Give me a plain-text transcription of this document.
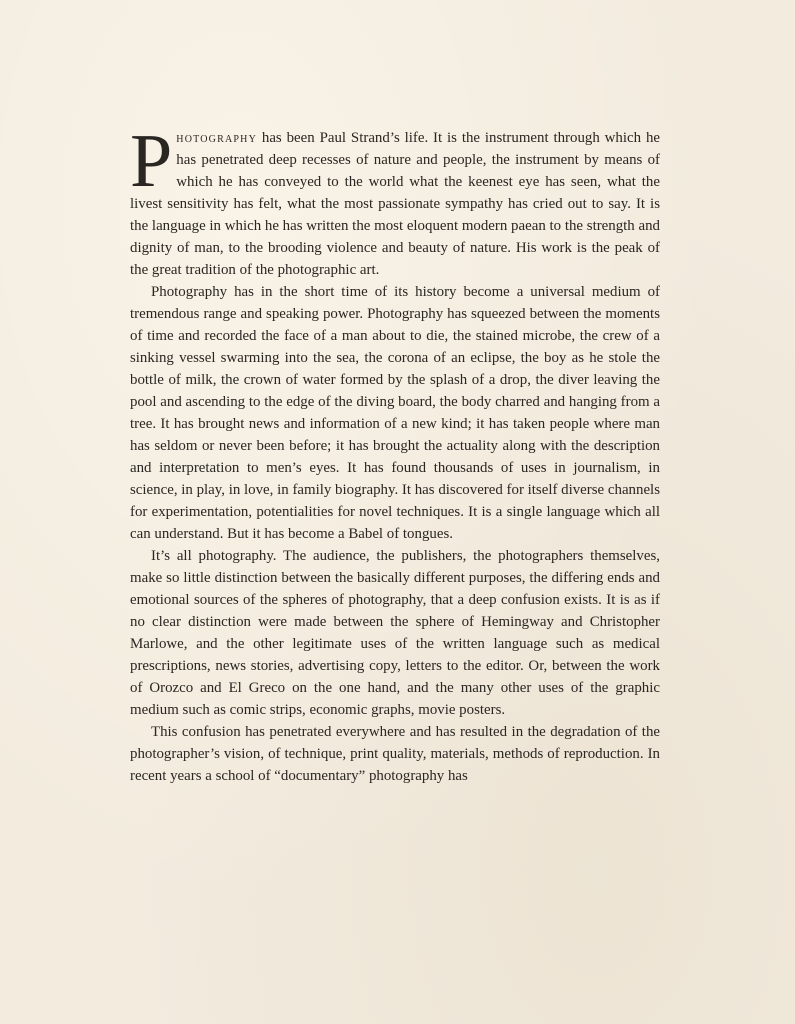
Photography has been Paul Strand’s life. It is the instrument through which he has penetrated deep recesses of nature and people, the instrument by means of which he has conveyed to the world what the keenest eye has seen, what the livest sensitivity has felt, what the most passionate sympathy has cried out to say. It is the language in which he has written the most eloquent modern paean to the strength and dignity of man, to the brooding violence and beauty of nature. His work is the peak of the great tradition of the photographic art.

Photography has in the short time of its history become a universal medium of tremendous range and speaking power. Photography has squeezed between the moments of time and recorded the face of a man about to die, the stained microbe, the crew of a sinking vessel swarming into the sea, the corona of an eclipse, the boy as he stole the bottle of milk, the crown of water formed by the splash of a drop, the diver leaving the pool and ascending to the edge of the diving board, the body charred and hanging from a tree. It has brought news and information of a new kind; it has taken people where man has seldom or never been before; it has brought the actuality along with the description and interpretation to men’s eyes. It has found thousands of uses in journalism, in science, in play, in love, in family biography. It has discovered for itself diverse channels for experimentation, potentialities for novel techniques. It is a single language which all can understand. But it has become a Babel of tongues.

It’s all photography. The audience, the publishers, the photographers themselves, make so little distinction between the basically different purposes, the differing ends and emotional sources of the spheres of photography, that a deep confusion exists. It is as if no clear distinction were made between the sphere of Hemingway and Christopher Marlowe, and the other legitimate uses of the written language such as medical prescriptions, news stories, advertising copy, letters to the editor. Or, between the work of Orozco and El Greco on the one hand, and the many other uses of the graphic medium such as comic strips, economic graphs, movie posters.

This confusion has penetrated everywhere and has resulted in the degradation of the photographer’s vision, of technique, print quality, materials, methods of reproduction. In recent years a school of “documentary” photography has
